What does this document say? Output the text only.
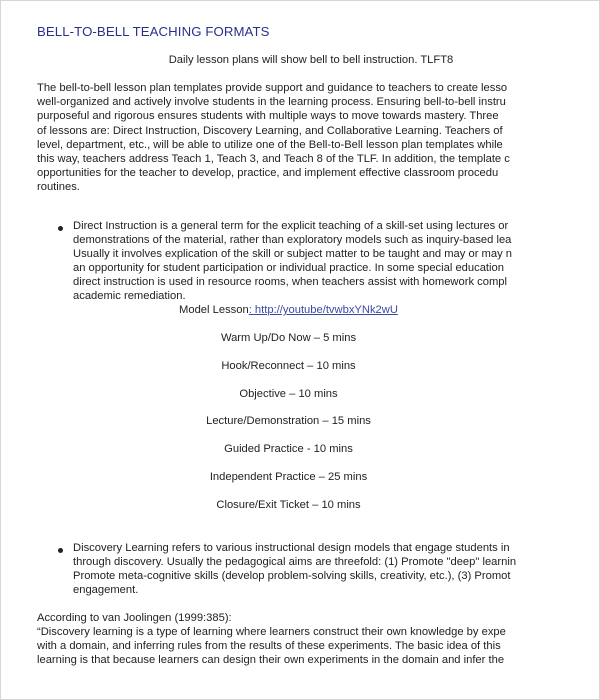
BELL-TO-BELL TEACHING FORMATS
Daily lesson plans will show bell to bell instruction. TLFT8
The bell-to-bell lesson plan templates provide support and guidance to teachers to create lesso
well-organized and actively involve students in the learning process. Ensuring bell-to-bell instru
purposeful and rigorous ensures students with multiple ways to move towards mastery. Three
of lessons are: Direct Instruction, Discovery Learning, and Collaborative Learning. Teachers of
level, department, etc., will be able to utilize one of the Bell-to-Bell lesson plan templates while
this way, teachers address Teach 1, Teach 3, and Teach 8 of the TLF. In addition, the template c
opportunities for the teacher to develop, practice, and implement effective classroom procedu
routines.
Direct Instruction is a general term for the explicit teaching of a skill-set using lectures or
demonstrations of the material, rather than exploratory models such as inquiry-based lea
Usually it involves explication of the skill or subject matter to be taught and may or may n
an opportunity for student participation or individual practice. In some special education
direct instruction is used in resource rooms, when teachers assist with homework compl
academic remediation.
Model Lesson: http://youtube/tvwbxYNk2wU
Warm Up/Do Now – 5 mins
Hook/Reconnect – 10 mins
Objective – 10 mins
Lecture/Demonstration – 15 mins
Guided Practice - 10 mins
Independent Practice – 25 mins
Closure/Exit Ticket – 10 mins
Discovery Learning refers to various instructional design models that engage students in
through discovery. Usually the pedagogical aims are threefold: (1) Promote "deep" learnin
Promote meta-cognitive skills (develop problem-solving skills, creativity, etc.), (3) Promot
engagement.
According to van Joolingen (1999:385):
“Discovery learning is a type of learning where learners construct their own knowledge by expe
with a domain, and inferring rules from the results of these experiments. The basic idea of this
learning is that because learners can design their own experiments in the domain and infer the
